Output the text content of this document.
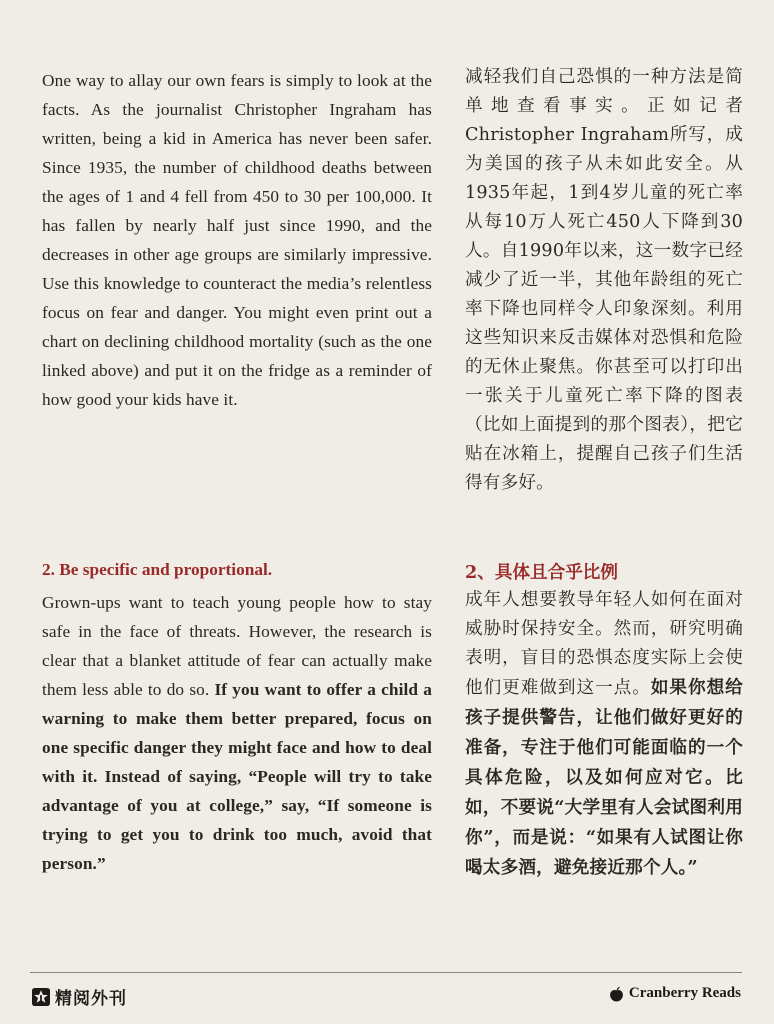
One way to allay our own fears is simply to look at the facts. As the journalist Christopher Ingraham has written, being a kid in America has never been safer. Since 1935, the number of childhood deaths between the ages of 1 and 4 fell from 450 to 30 per 100,000. It has fallen by nearly half just since 1990, and the decreases in other age groups are similarly impressive. Use this knowledge to counteract the media’s relentless focus on fear and danger. You might even print out a chart on declining childhood mortality (such as the one linked above) and put it on the fridge as a reminder of how good your kids have it.

减轻我们自己恐惧的一种方法是简单地查看事实。正如记者Christopher Ingraham所写，成为美国的孩子从未如此安全。从1935年起，1到4岁儿童的死亡率从每10万人死亡450人下降到30人。自1990年以来，这一数字已经减少了近一半，其他年龄组的死亡率下降也同样令人印象深刻。利用这些知识来反击媒体对恐惧和危险的无休止聚焦。你甚至可以打印出一张关于儿童死亡率下降的图表（比如上面提到的那个图表），把它贴在冰箱上，提醒自己孩子们生活得有多好。

2. Be specific and proportional.	2、具体且合乎比例

Grown-ups want to teach young people how to stay safe in the face of threats. However, the research is clear that a blanket attitude of fear can actually make them less able to do so. If you want to offer a child a warning to make them better prepared, focus on one specific danger they might face and how to deal with it. Instead of saying, “People will try to take advantage of you at college,” say, “If someone is trying to get you to drink too much, avoid that person.”

成年人想要教导年轻人如何在面对威胁时保持安全。然而，研究明确表明，盲目的恐惧态度实际上会使他们更难做到这一点。如果你想给孩子提供警告，让他们做好更好的准备，专注于他们可能面临的一个具体危险，以及如何应对它。比如，不要说“大学里有人会试图利用你”，而是说：“如果有人试图让你喝太多酒，避免接近那个人。”

精阅外刊	Cranberry Reads
